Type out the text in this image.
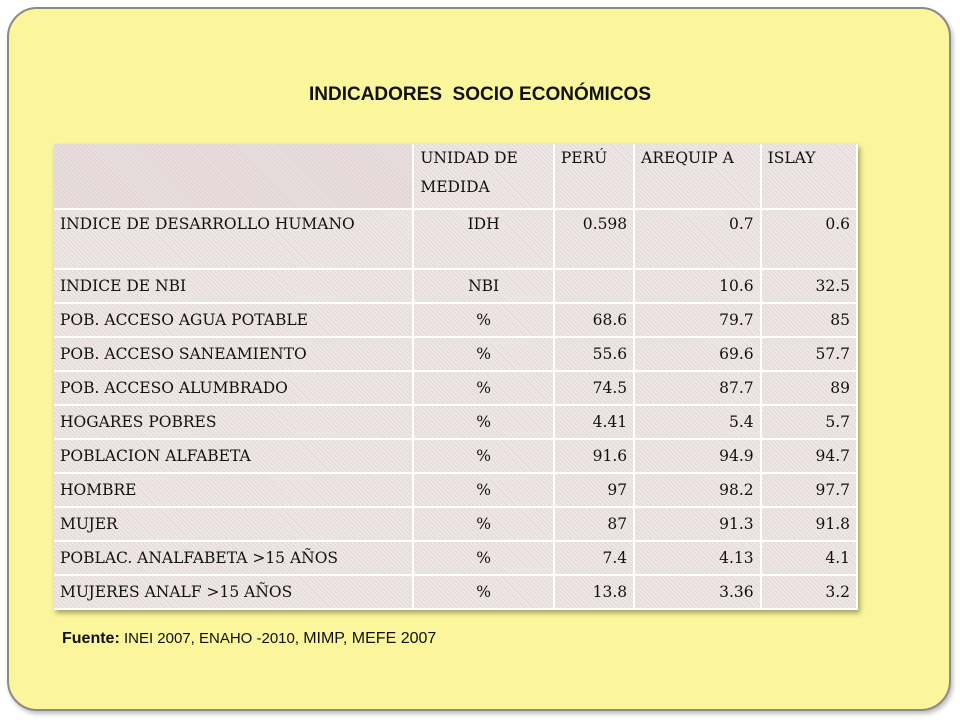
INDICADORES  SOCIO ECONÓMICOS
	UNIDAD DE MEDIDA	PERÚ	AREQUIP A	ISLAY
INDICE DE DESARROLLO HUMANO	IDH	0.598	0.7	0.6
INDICE DE NBI	NBI		10.6	32.5
POB. ACCESO AGUA POTABLE	%	68.6	79.7	85
POB. ACCESO SANEAMIENTO	%	55.6	69.6	57.7
POB. ACCESO ALUMBRADO	%	74.5	87.7	89
HOGARES POBRES	%	4.41	5.4	5.7
POBLACION ALFABETA	%	91.6	94.9	94.7
HOMBRE	%	97	98.2	97.7
MUJER	%	87	91.3	91.8
POBLAC. ANALFABETA >15 AÑOS	%	7.4	4.13	4.1
MUJERES ANALF >15 AÑOS	%	13.8	3.36	3.2
Fuente: INEI 2007, ENAHO -2010, MIMP, MEFE 2007
